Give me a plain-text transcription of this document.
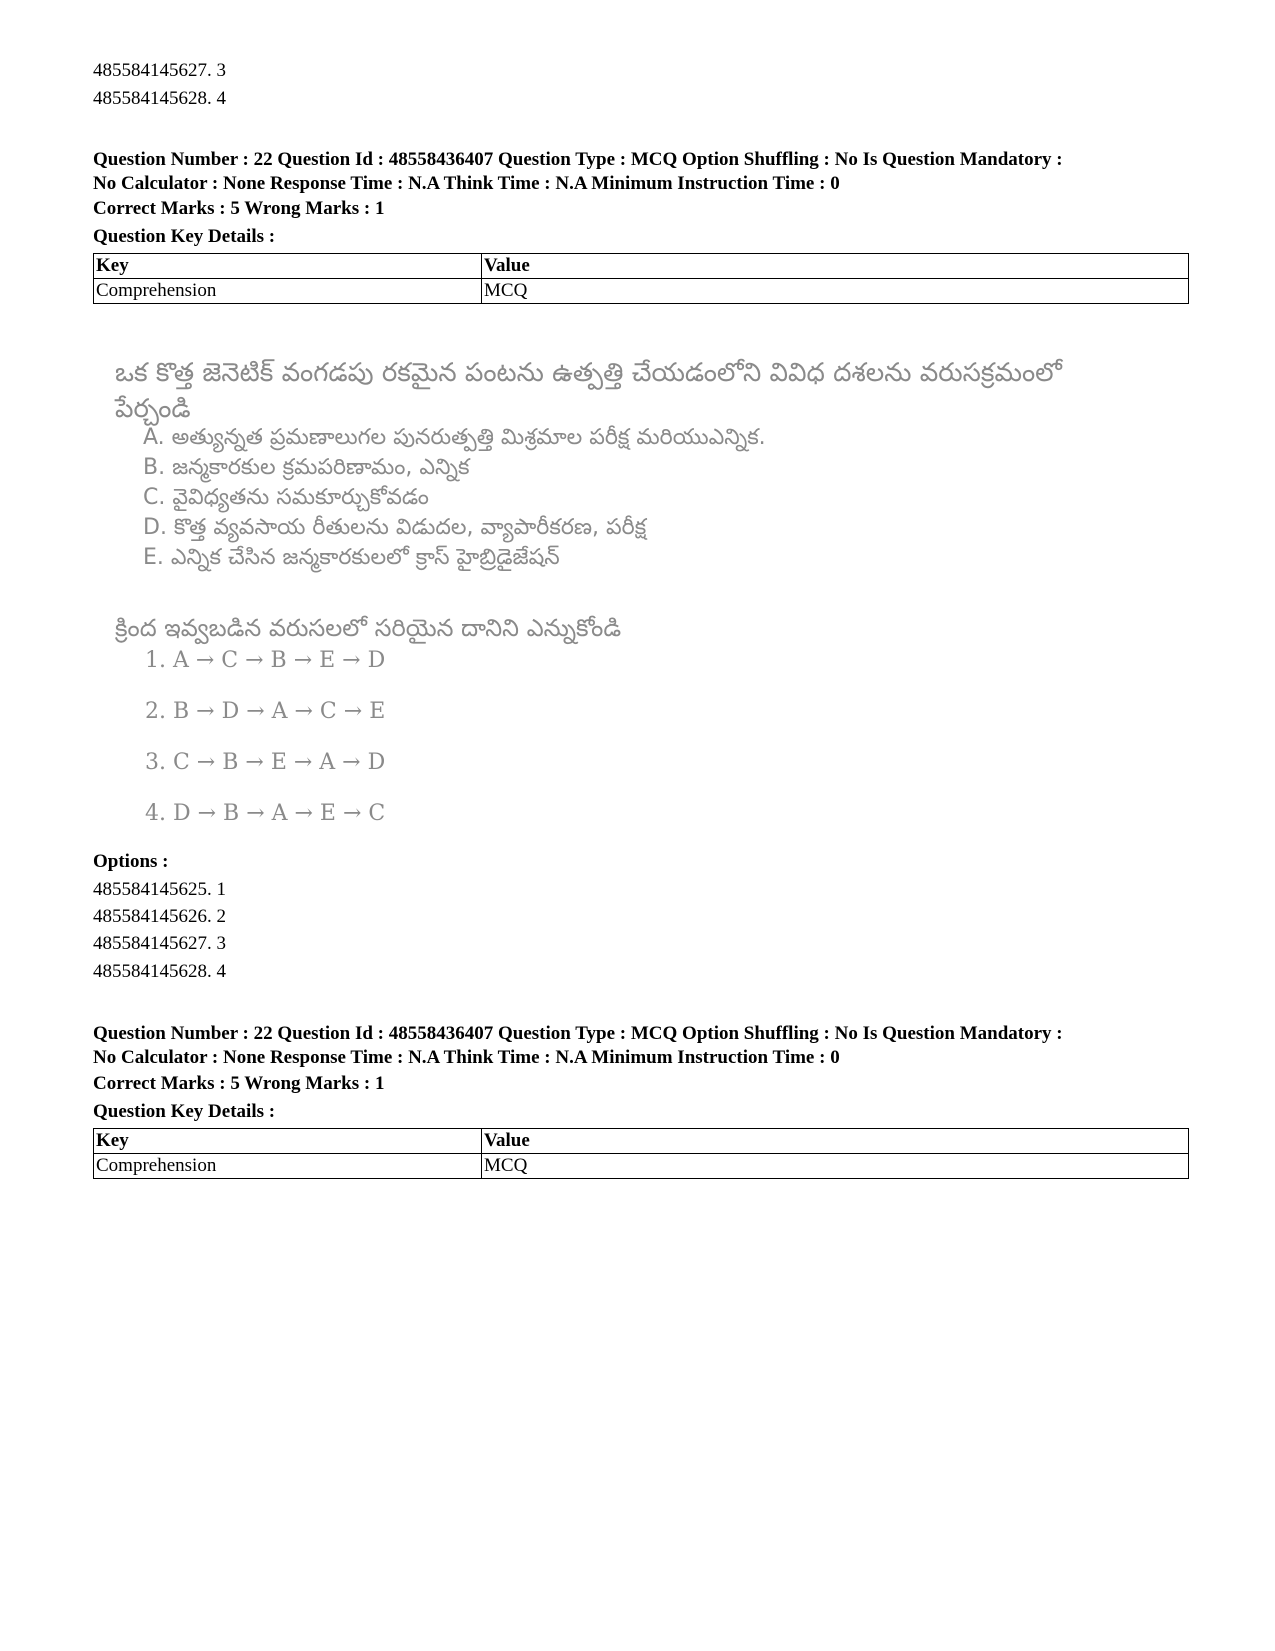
485584145627. 3
485584145628. 4
Question Number : 22 Question Id : 48558436407 Question Type : MCQ Option Shuffling : No Is Question Mandatory :
No Calculator : None Response Time : N.A Think Time : N.A Minimum Instruction Time : 0
Correct Marks : 5 Wrong Marks : 1
Question Key Details :
Key	Value
Comprehension	MCQ
ఒక కొత్త జెనెటిక్ వంగడపు రకమైన పంటను ఉత్పత్తి చేయడంలోని వివిధ దశలను వరుసక్రమంలో పేర్చండి
A. అత్యున్నత ప్రమణాలుగల పునరుత్పత్తి మిశ్రమాల పరీక్ష మరియుఎన్నిక.
B. జన్మకారకుల క్రమపరిణామం, ఎన్నిక
C. వైవిధ్యతను సమకూర్చుకోవడం
D. కొత్త వ్యవసాయ రీతులను విడుదల, వ్యాపారీకరణ, పరీక్ష
E. ఎన్నిక చేసిన జన్మకారకులలో క్రాస్ హైబ్రిడైజేషన్
క్రింద ఇవ్వబడిన వరుసలలో సరియైన దానిని ఎన్నుకోండి
1. A → C → B → E → D
2. B → D → A → C → E
3. C → B → E → A → D
4. D → B → A → E → C
Options :
485584145625. 1
485584145626. 2
485584145627. 3
485584145628. 4
Question Number : 22 Question Id : 48558436407 Question Type : MCQ Option Shuffling : No Is Question Mandatory :
No Calculator : None Response Time : N.A Think Time : N.A Minimum Instruction Time : 0
Correct Marks : 5 Wrong Marks : 1
Question Key Details :
Key	Value
Comprehension	MCQ
